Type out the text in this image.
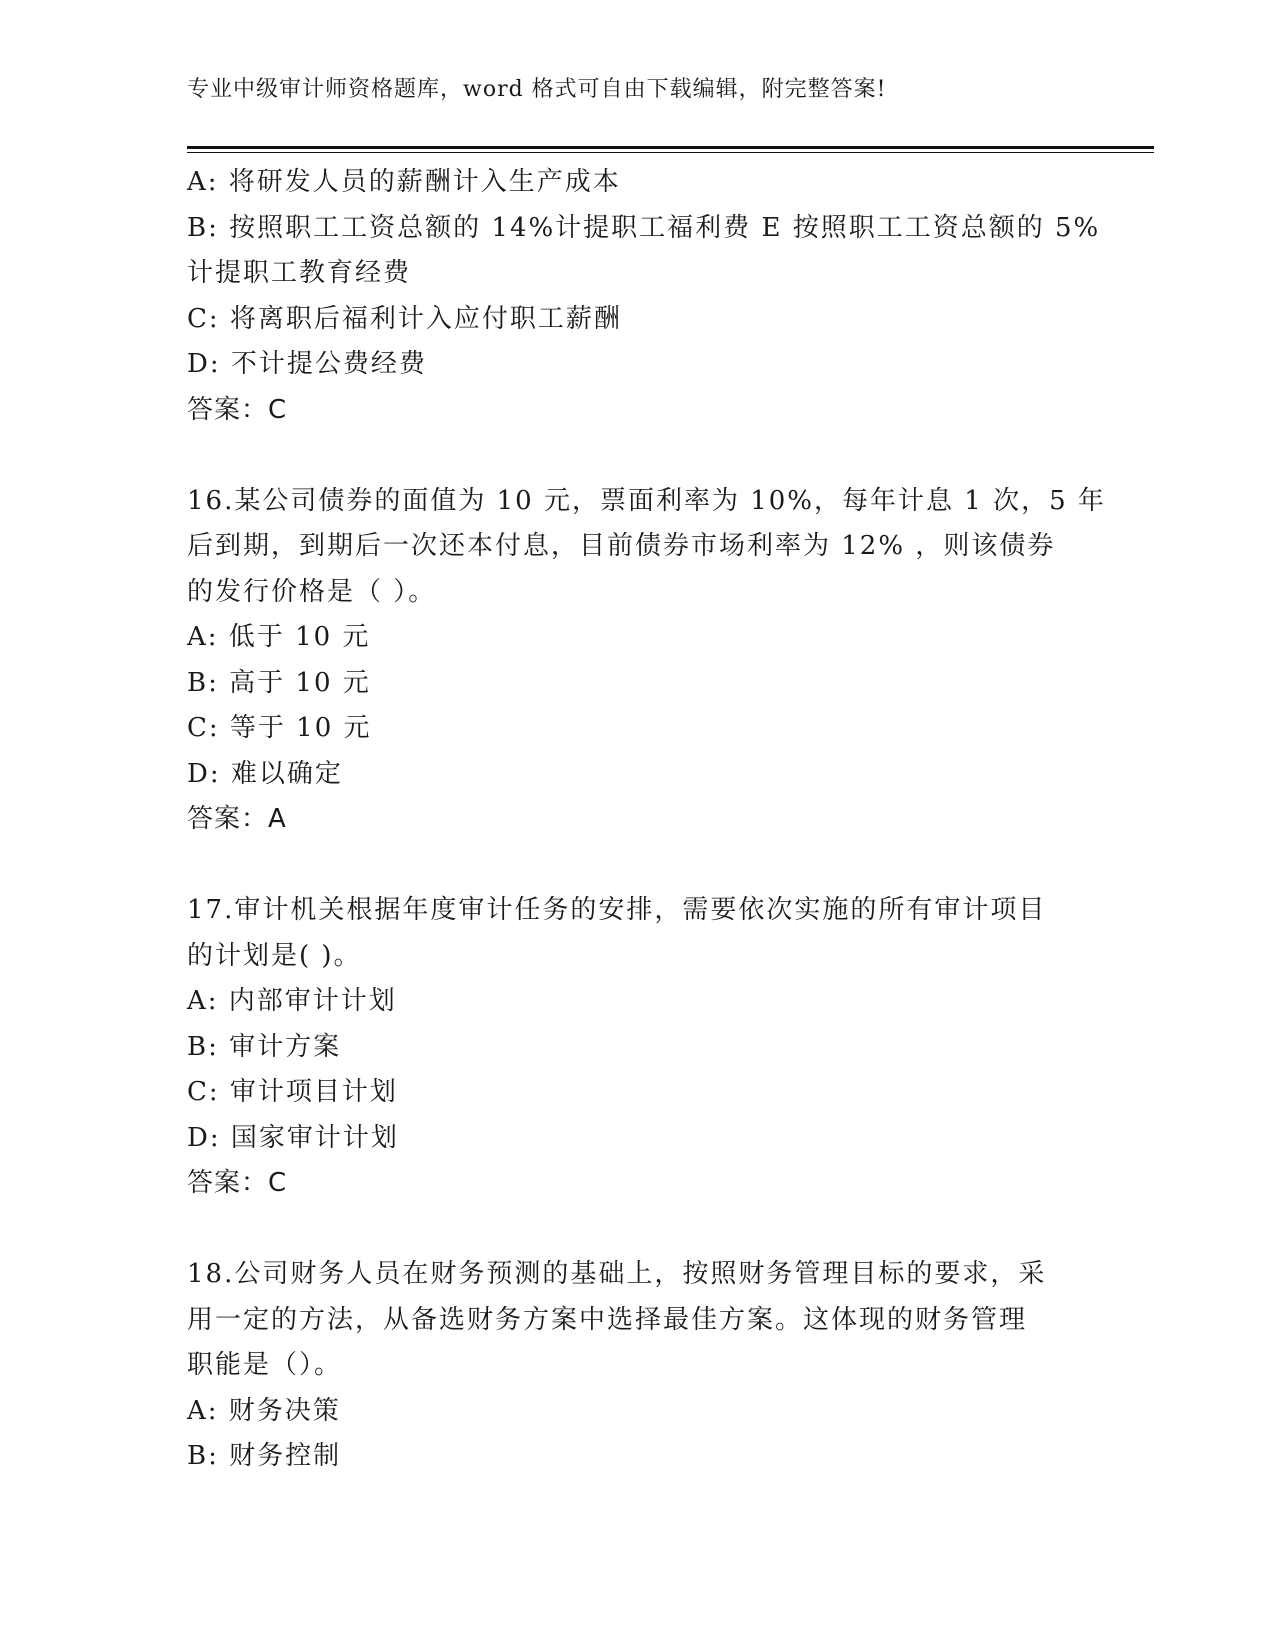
专业中级审计师资格题库，word 格式可自由下载编辑，附完整答案!
A: 将研发人员的薪酬计入生产成本
B: 按照职工工资总额的 14%计提职工福利费 E 按照职工工资总额的 5%
计提职工教育经费
C: 将离职后福利计入应付职工薪酬
D: 不计提公费经费
答案：C
16.某公司债券的面值为 10 元，票面利率为 10%，每年计息 1 次，5 年
后到期，到期后一次还本付息，目前债券市场利率为 12% ，则该债券
的发行价格是（ ）。
A: 低于 10 元
B: 高于 10 元
C: 等于 10 元
D: 难以确定
答案：A
17.审计机关根据年度审计任务的安排，需要依次实施的所有审计项目
的计划是( )。
A: 内部审计计划
B: 审计方案
C: 审计项目计划
D: 国家审计计划
答案：C
18.公司财务人员在财务预测的基础上，按照财务管理目标的要求，采
用一定的方法，从备选财务方案中选择最佳方案。这体现的财务管理
职能是（）。
A: 财务决策
B: 财务控制
